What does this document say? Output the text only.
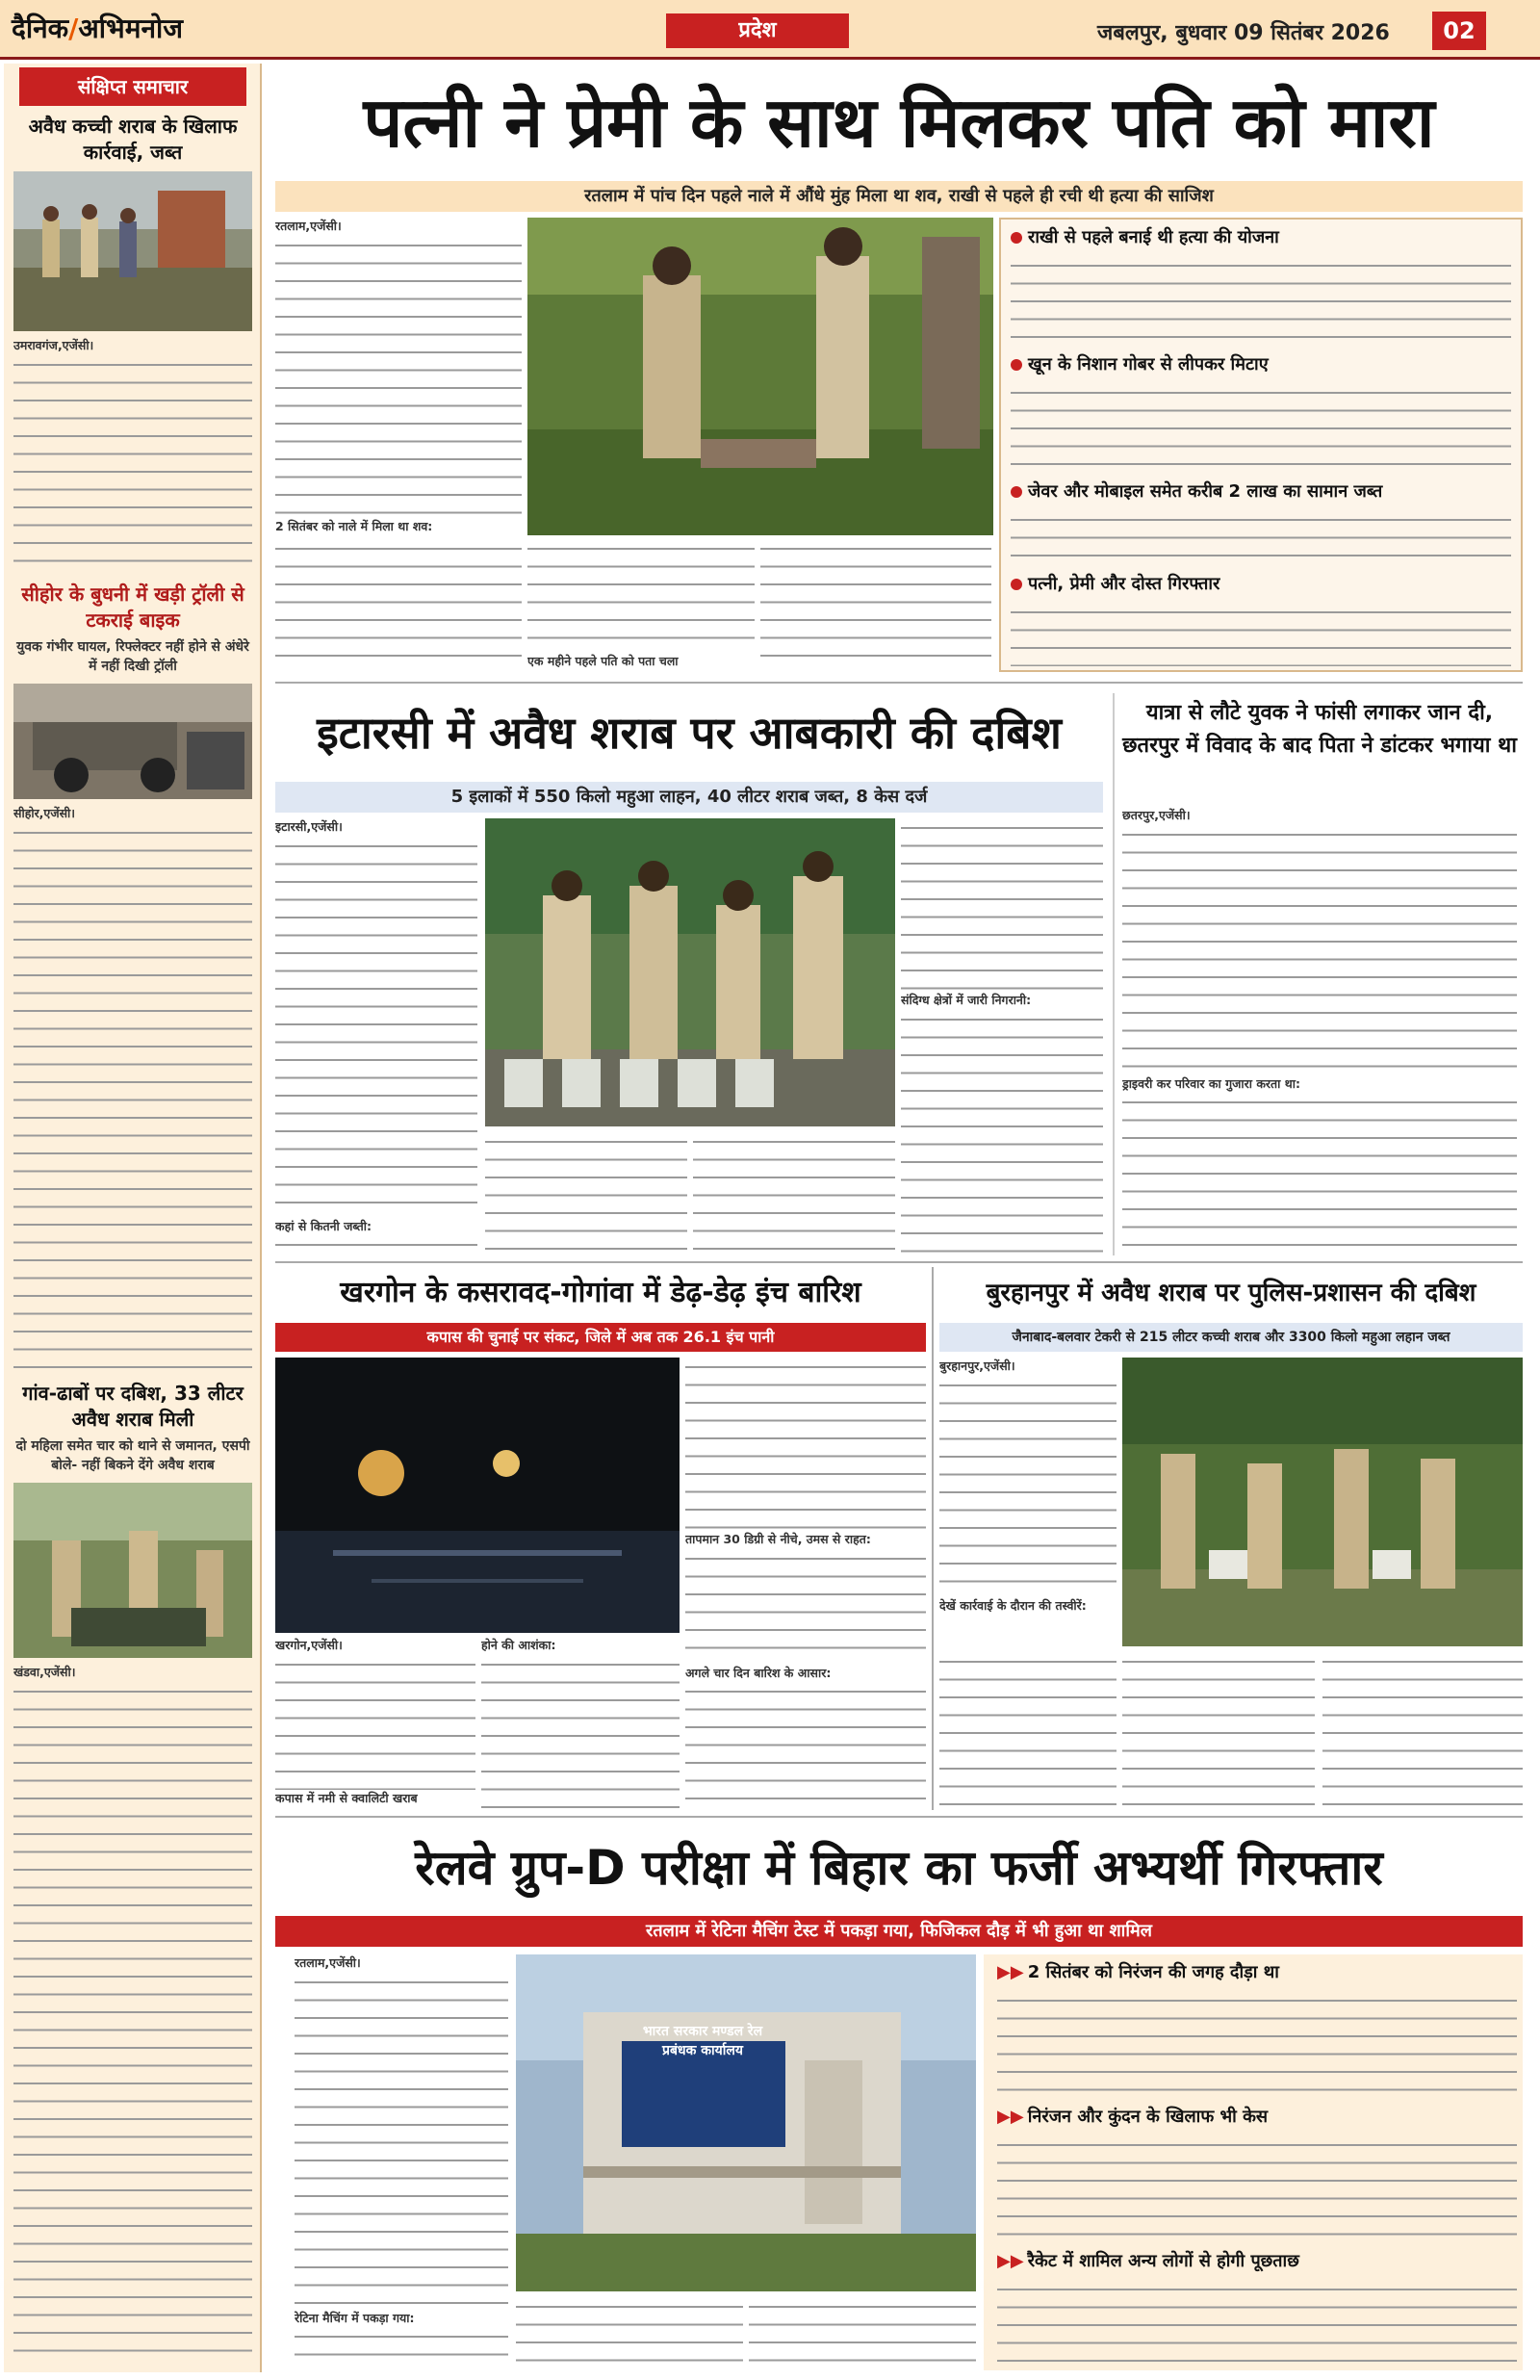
दैनिक/अभिमनोज	प्रदेश	जबलपुर, बुधवार 09 सितंबर 2026	02
संक्षिप्त समाचार
अवैध कच्ची शराब के खिलाफ कार्रवाई, जब्त
उमरावगंज,एजेंसी।
सीहोर के बुधनी में खड़ी ट्रॉली से टकराई बाइक
युवक गंभीर घायल, रिफ्लेक्टर नहीं होने से अंधेरे में नहीं दिखी ट्रॉली
सीहोर,एजेंसी।
गांव-ढाबों पर दबिश, 33 लीटर अवैध शराब मिली
दो महिला समेत चार को थाने से जमानत, एसपी बोले- नहीं बिकने देंगे अवैध शराब
खंडवा,एजेंसी।
पत्नी ने प्रेमी के साथ मिलकर पति को मारा
रतलाम में पांच दिन पहले नाले में औंधे मुंह मिला था शव, राखी से पहले ही रची थी हत्या की साजिश
रतलाम,एजेंसी।
2 सितंबर को नाले में मिला था शव:
एक महीने पहले पति को पता चला
राखी से पहले बनाई थी हत्या की योजना
खून के निशान गोबर से लीपकर मिटाए
जेवर और मोबाइल समेत करीब 2 लाख का सामान जब्त
पत्नी, प्रेमी और दोस्त गिरफ्तार
इटारसी में अवैध शराब पर आबकारी की दबिश
5 इलाकों में 550 किलो महुआ लाहन, 40 लीटर शराब जब्त, 8 केस दर्ज
इटारसी,एजेंसी।
कहां से कितनी जब्ती:
संदिग्ध क्षेत्रों में जारी निगरानी:
यात्रा से लौटे युवक ने फांसी लगाकर जान दी, छतरपुर में विवाद के बाद पिता ने डांटकर भगाया था
छतरपुर,एजेंसी।
ड्राइवरी कर परिवार का गुजारा करता था:
खरगोन के कसरावद-गोगांवा में डेढ़-डेढ़ इंच बारिश
कपास की चुनाई पर संकट, जिले में अब तक 26.1 इंच पानी
खरगोन,एजेंसी।
कपास में नमी से क्वालिटी खराब
होने की आशंका:
तापमान 30 डिग्री से नीचे, उमस से राहत:
अगले चार दिन बारिश के आसार:
बुरहानपुर में अवैध शराब पर पुलिस-प्रशासन की दबिश
जैनाबाद-बलवार टेकरी से 215 लीटर कच्ची शराब और 3300 किलो महुआ लहान जब्त
बुरहानपुर,एजेंसी।
देखें कार्रवाई के दौरान की तस्वीरें:
रेलवे ग्रुप-D परीक्षा में बिहार का फर्जी अभ्यर्थी गिरफ्तार
रतलाम में रेटिना मैचिंग टेस्ट में पकड़ा गया, फिजिकल दौड़ में भी हुआ था शामिल
रतलाम,एजेंसी।
रेटिना मैचिंग में पकड़ा गया:
भारत सरकार मण्डल रेल प्रबंधक कार्यालय
▶▶ 2 सितंबर को निरंजन की जगह दौड़ा था
▶▶ निरंजन और कुंदन के खिलाफ भी केस
▶▶ रैकेट में शामिल अन्य लोगों से होगी पूछताछ
